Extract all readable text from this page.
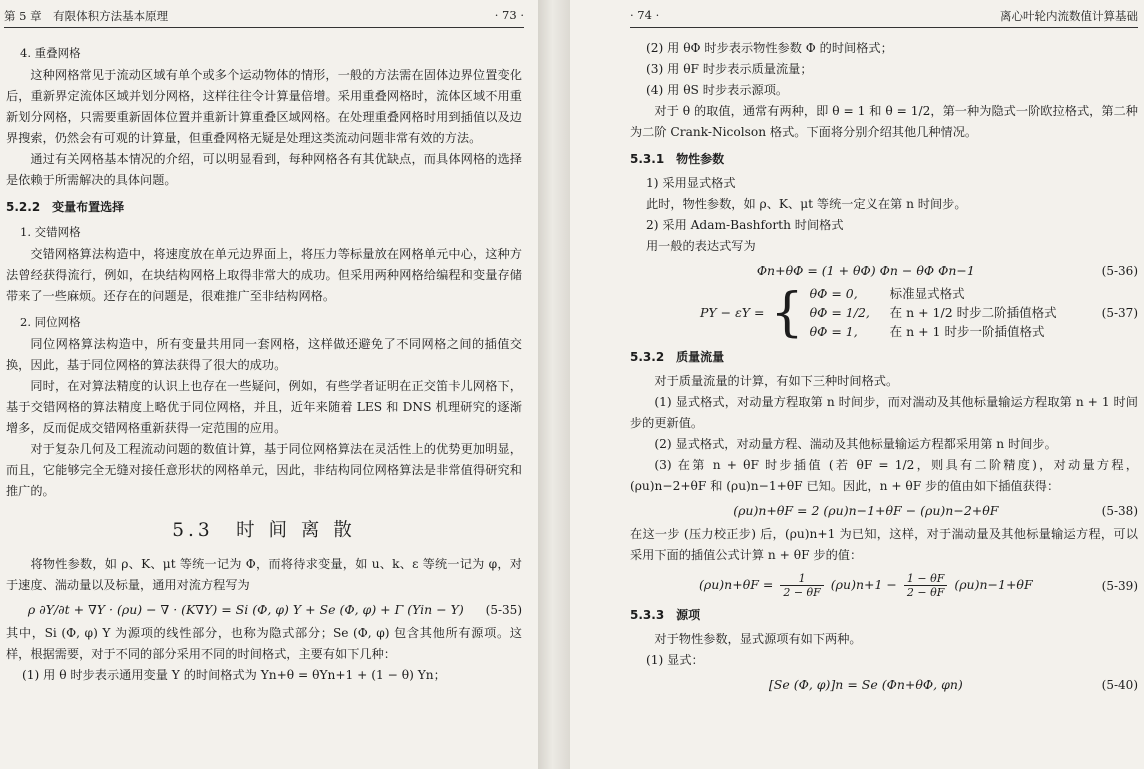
第 5 章　有限体积方法基本原理	· 73 ·
4. 重叠网格

这种网格常见于流动区域有单个或多个运动物体的情形，一般的方法需在固体边界位置变化后，重新界定流体区域并划分网格，这样往往令计算量倍增。采用重叠网格时，流体区域不用重新划分网格，只需要重新固体位置并重新计算重叠区域网格。在处理重叠网格时用到插值以及边界搜索，仍然会有可观的计算量，但重叠网格无疑是处理这类流动问题非常有效的方法。

通过有关网格基本情况的介绍，可以明显看到，每种网格各有其优缺点，而具体网格的选择是依赖于所需解决的具体问题。

5.2.2 变量布置选择
1. 交错网格

交错网格算法构造中，将速度放在单元边界面上，将压力等标量放在网格单元中心，这种方法曾经获得流行，例如，在块结构网格上取得非常大的成功。但采用两种网格给编程和变量存储带来了一些麻烦。还存在的问题是，很难推广至非结构网格。

2. 同位网格

同位网格算法构造中，所有变量共用同一套网格，这样做还避免了不同网格之间的插值交换，因此，基于同位网格的算法获得了很大的成功。

同时，在对算法精度的认识上也存在一些疑问，例如，有些学者证明在正交笛卡儿网格下，基于交错网格的算法精度上略优于同位网格，并且，近年来随着 LES 和 DNS 机理研究的逐渐增多，反而促成交错网格重新获得一定范围的应用。

对于复杂几何及工程流动问题的数值计算，基于同位网格算法在灵活性上的优势更加明显，而且，它能够完全无缝对接任意形状的网格单元，因此，非结构同位网格算法是非常值得研究和推广的。

5.3　时 间 离 散

将物性参数，如 ρ、K、μt 等统一记为 Φ，而将待求变量，如 u、k、ε 等统一记为 φ，对于速度、湍动量以及标量，通用对流方程写为

ρ ∂Y/∂t + ∇Y · (ρu) − ∇ · (K∇Y) = Si (Φ, φ) Y + Se (Φ, φ) + Γ (Yin − Y)	(5-35)

其中，Si (Φ, φ) Y 为源项的线性部分，也称为隐式部分；Se (Φ, φ) 包含其他所有源项。这样，根据需要，对于不同的部分采用不同的时间格式，主要有如下几种：

(1) 用 θ 时步表示通用变量 Y 的时间格式为 Yn+θ = θYn+1 + (1 − θ) Yn；
· 74 ·	离心叶轮内流数值计算基础
(2) 用 θΦ 时步表示物性参数 Φ 的时间格式；
(3) 用 θF 时步表示质量流量；
(4) 用 θS 时步表示源项。

对于 θ 的取值，通常有两种，即 θ = 1 和 θ = 1/2，第一种为隐式一阶欧拉格式，第二种为二阶 Crank-Nicolson 格式。下面将分别介绍其他几种情况。

5.3.1 物性参数
1) 采用显式格式
此时，物性参数，如 ρ、K、μt 等统一定义在第 n 时间步。
2) 采用 Adam-Bashforth 时间格式
用一般的表达式写为
Φn+θΦ = (1 + θΦ) Φn − θΦ Φn−1	(5-36)
PY − εY = { θΦ = 0,	标准显式格式
θΦ = 1/2, 在 n + 1/2 时步二阶插值格式
θΦ = 1,	在 n + 1 时步一阶插值格式
(5-37)
5.3.2 质量流量

对于质量流量的计算，有如下三种时间格式。

(1) 显式格式，对动量方程取第 n 时间步，而对湍动及其他标量输运方程取第 n + 1 时间步的更新值。

(2) 显式格式，对动量方程、湍动及其他标量输运方程都采用第 n 时间步。

(3) 在第 n + θF 时步插值 (若 θF = 1/2，则具有二阶精度)，对动量方程，(ρu)n−2+θF 和 (ρu)n−1+θF 已知。因此，n + θF 步的值由如下插值获得：

(ρu)n+θF = 2 (ρu)n−1+θF − (ρu)n−2+θF	(5-38)

在这一步 (压力校正步) 后，(ρu)n+1 为已知，这样，对于湍动量及其他标量输运方程，可以采用下面的插值公式计算 n + θF 步的值：

$(\rho u)n+\theta F = \frac{1}{2 - \theta F} (\rho u)n+1 - \frac{1 - \theta F}{2 - \theta F} (\rho u)n-1+\theta F$	(5-39)
5.3.3 源项

对于物性参数，显式源项有如下两种。

(1) 显式：
[Se (Φ, φ)]n = Se (Φn+θΦ, φn)	(5-40)
